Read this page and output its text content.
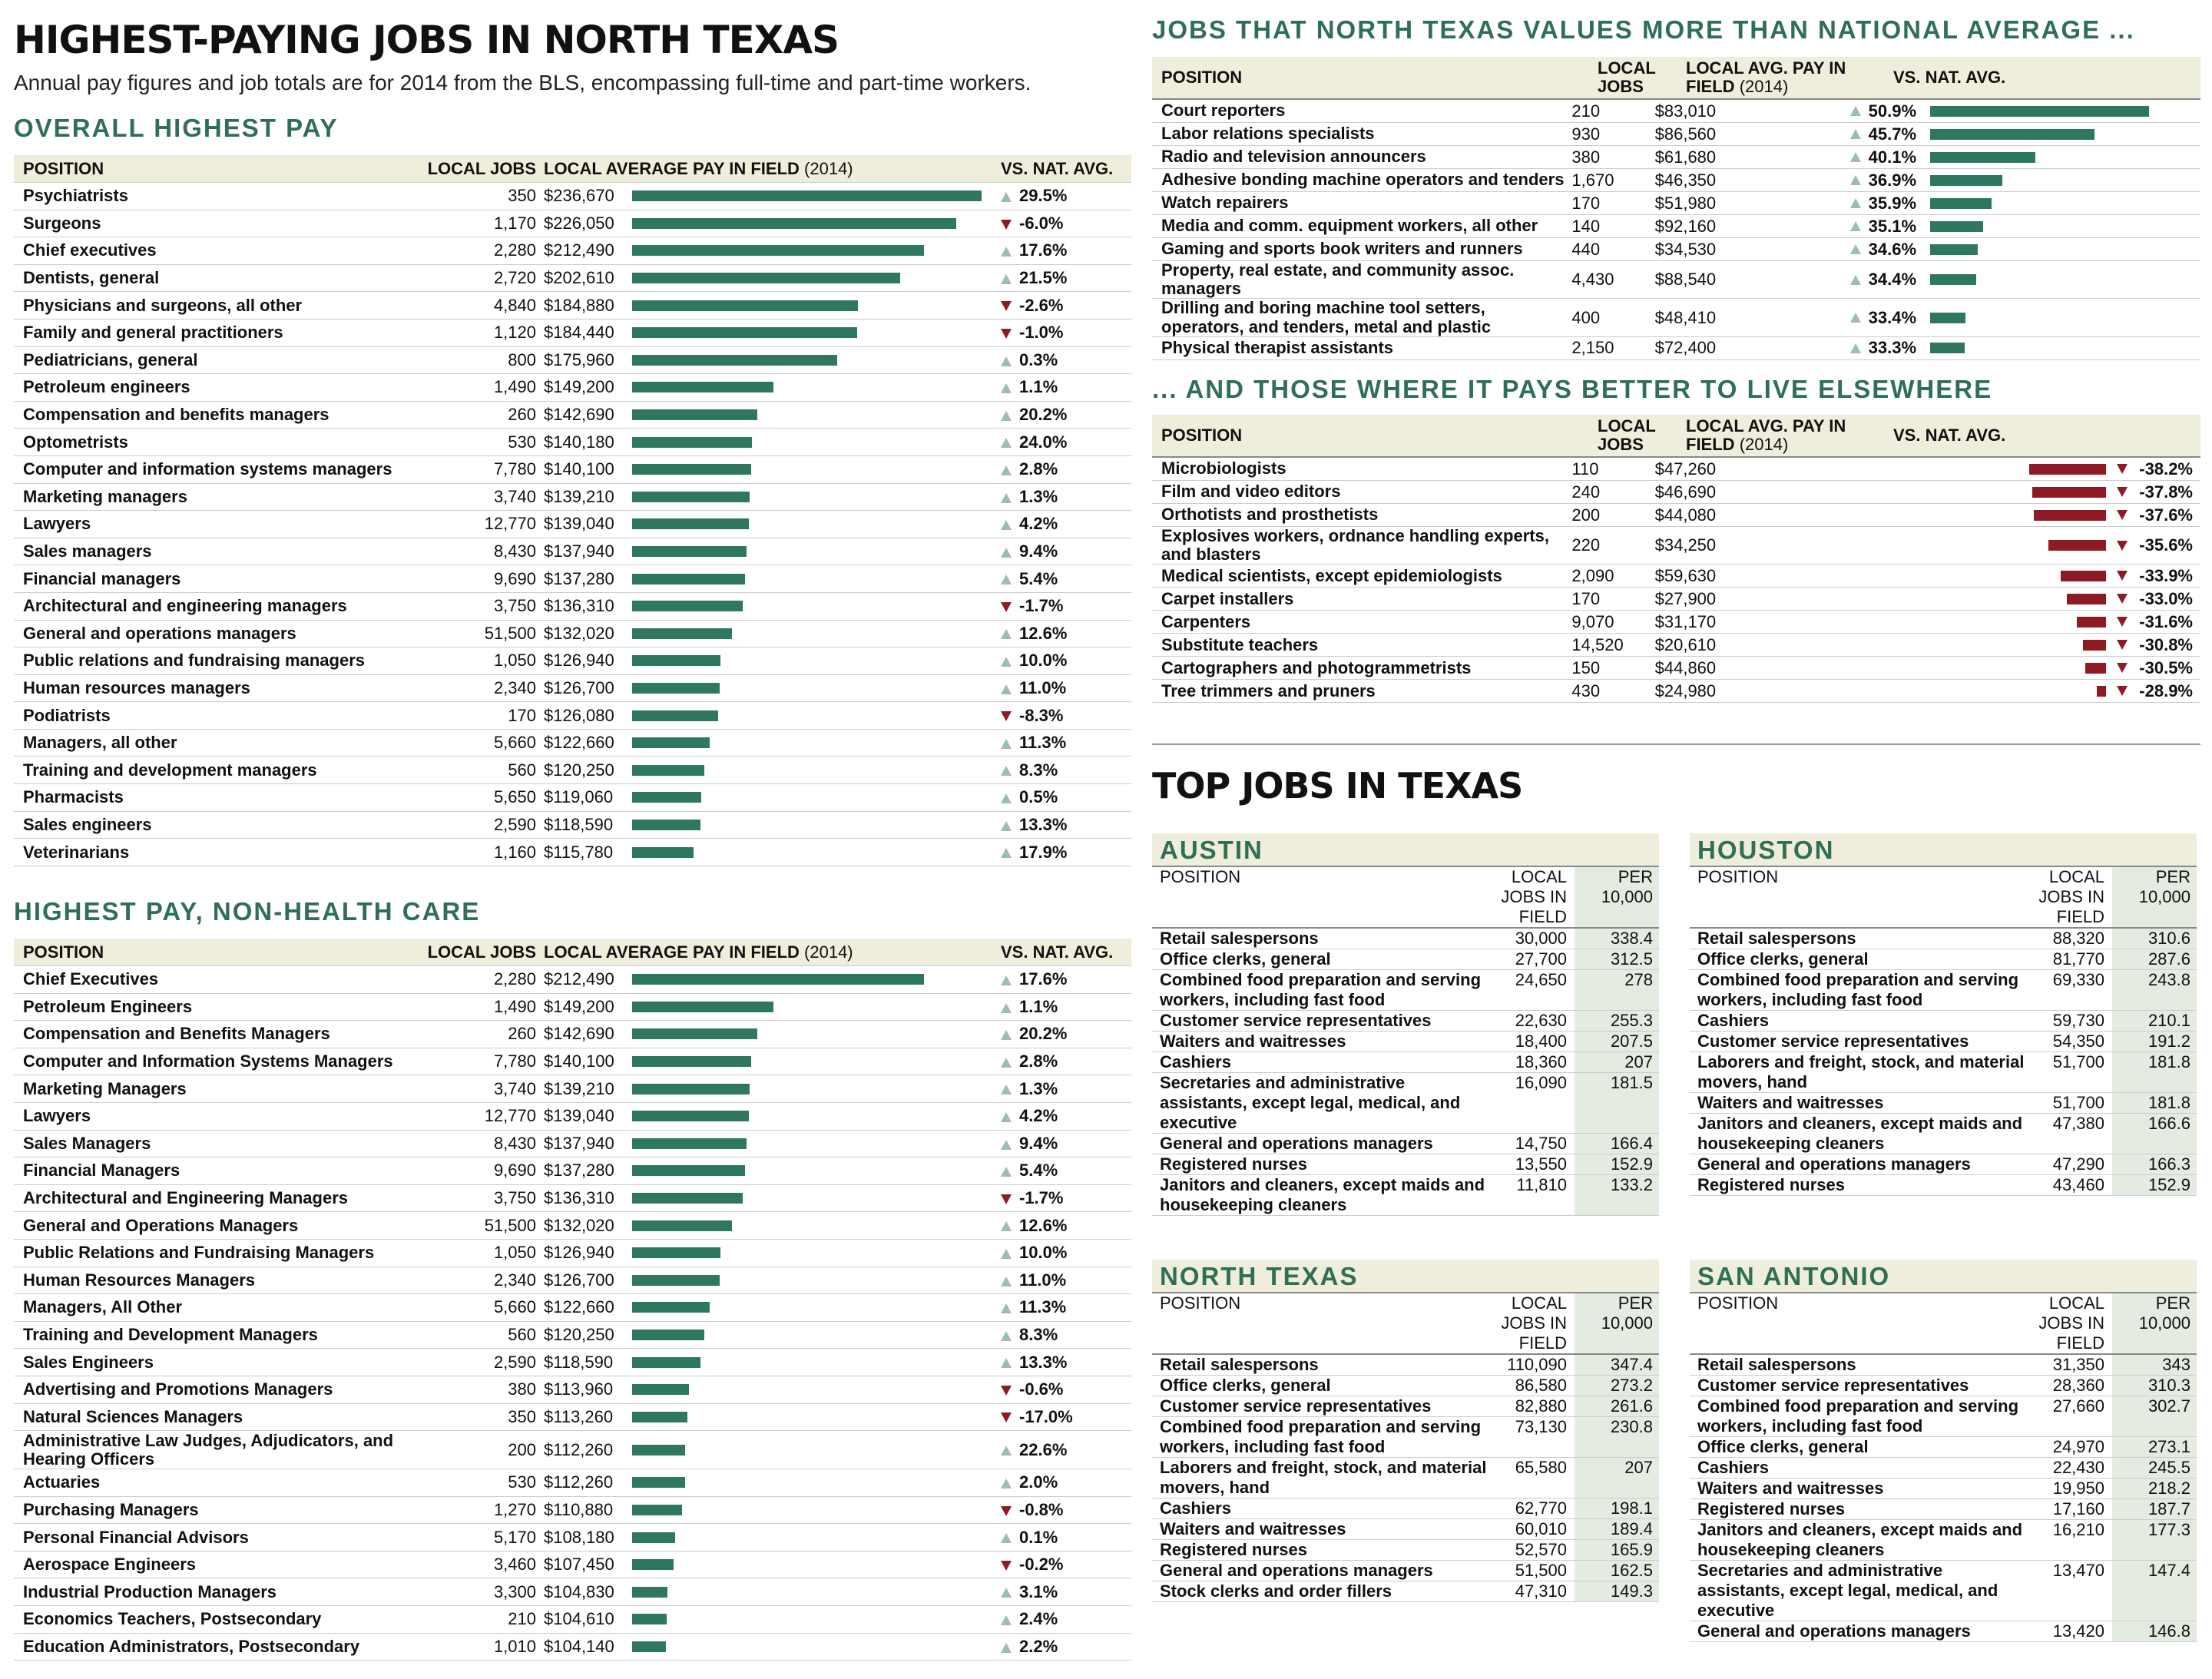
HIGHEST-PAYING JOBS IN NORTH TEXAS
Annual pay figures and job totals are for 2014 from the BLS, encompassing full-time and part-time workers.
OVERALL HIGHEST PAY
POSITION	LOCAL JOBS LOCAL AVERAGE PAY IN FIELD (2014)	VS. NAT. AVG.
Psychiatrists	350 $236,670	29.5%
Surgeons	1,170 $226,050	-6.0%
Chief executives	2,280 $212,490	17.6%
Dentists, general	2,720 $202,610	21.5%
Physicians and surgeons, all other	4,840 $184,880	-2.6%
Family and general practitioners	1,120 $184,440	-1.0%
Pediatricians, general	800 $175,960	0.3%
Petroleum engineers	1,490 $149,200	1.1%
Compensation and benefits managers	260 $142,690	20.2%
Optometrists	530 $140,180	24.0%
Computer and information systems managers	7,780 $140,100	2.8%
Marketing managers	3,740 $139,210	1.3%
Lawyers	12,770 $139,040	4.2%
Sales managers	8,430 $137,940	9.4%
Financial managers	9,690 $137,280	5.4%
Architectural and engineering managers	3,750 $136,310	-1.7%
General and operations managers	51,500 $132,020	12.6%
Public relations and fundraising managers	1,050 $126,940	10.0%
Human resources managers	2,340 $126,700	11.0%
Podiatrists	170 $126,080	-8.3%
Managers, all other	5,660 $122,660	11.3%
Training and development managers	560 $120,250	8.3%
Pharmacists	5,650 $119,060	0.5%
Sales engineers	2,590 $118,590	13.3%
Veterinarians	1,160 $115,780	17.9%
HIGHEST PAY, NON-HEALTH CARE
POSITION	LOCAL JOBS LOCAL AVERAGE PAY IN FIELD (2014)	VS. NAT. AVG.
Chief Executives	2,280 $212,490	17.6%
Petroleum Engineers	1,490 $149,200	1.1%
Compensation and Benefits Managers	260 $142,690	20.2%
Computer and Information Systems Managers	7,780 $140,100	2.8%
Marketing Managers	3,740 $139,210	1.3%
Lawyers	12,770 $139,040	4.2%
Sales Managers	8,430 $137,940	9.4%
Financial Managers	9,690 $137,280	5.4%
Architectural and Engineering Managers	3,750 $136,310	-1.7%
General and Operations Managers	51,500 $132,020	12.6%
Public Relations and Fundraising Managers	1,050 $126,940	10.0%
Human Resources Managers	2,340 $126,700	11.0%
Managers, All Other	5,660 $122,660	11.3%
Training and Development Managers	560 $120,250	8.3%
Sales Engineers	2,590 $118,590	13.3%
Advertising and Promotions Managers	380 $113,960	-0.6%
Natural Sciences Managers	350 $113,260	-17.0%
Administrative Law Judges, Adjudicators, and Hearing Officers	200 $112,260	22.6%
Actuaries	530 $112,260	2.0%
Purchasing Managers	1,270 $110,880	-0.8%
Personal Financial Advisors	5,170 $108,180	0.1%
Aerospace Engineers	3,460 $107,450	-0.2%
Industrial Production Managers	3,300 $104,830	3.1%
Economics Teachers, Postsecondary	210 $104,610	2.4%
Education Administrators, Postsecondary	1,010 $104,140	2.2%
JOBS THAT NORTH TEXAS VALUES MORE THAN NATIONAL AVERAGE ...
POSITION	LOCAL JOBS
LOCAL AVG. PAY IN FIELD (2014)	VS. NAT. AVG.
Court reporters	210	$83,010	50.9%
Labor relations specialists	930	$86,560	45.7%
Radio and television announcers	380	$61,680	40.1%
Adhesive bonding machine operators and tenders 1,670	$46,350	36.9%
Watch repairers	170	$51,980	35.9%
Media and comm. equipment workers, all other	140	$92,160	35.1%
Gaming and sports book writers and runners	440	$34,530	34.6%
Property, real estate, and community assoc. managers	4,430	$88,540	34.4%
Drilling and boring machine tool setters, operators, and tenders, metal and plastic	400	$48,410	33.4%
Physical therapist assistants	2,150	$72,400	33.3%
... AND THOSE WHERE IT PAYS BETTER TO LIVE ELSEWHERE
POSITION	LOCAL JOBS
LOCAL AVG. PAY IN FIELD (2014)	VS. NAT. AVG.
Microbiologists	110	$47,260	-38.2%
Film and video editors	240	$46,690	-37.8%
Orthotists and prosthetists	200	$44,080	-37.6%
Explosives workers, ordnance handling experts, and blasters	220	$34,250	-35.6%
Medical scientists, except epidemiologists	2,090	$59,630	-33.9%
Carpet installers	170	$27,900	-33.0%
Carpenters	9,070	$31,170	-31.6%
Substitute teachers	14,520	$20,610	-30.8%
Cartographers and photogrammetrists	150	$44,860	-30.5%
Tree trimmers and pruners	430	$24,980	-28.9%
TOP JOBS IN TEXAS
AUSTIN
POSITION	LOCAL JOBS IN FIELD
PER 10,000
Retail salespersons	30,000	338.4
Office clerks, general	27,700	312.5
Combined food preparation and serving workers, including fast food
24,650	278
Customer service representatives	22,630	255.3
Waiters and waitresses	18,400	207.5
Cashiers	18,360	207
Secretaries and administrative assistants, except legal, medical, and executive
16,090	181.5
General and operations managers	14,750	166.4
Registered nurses	13,550	152.9
Janitors and cleaners, except maids and housekeeping cleaners
11,810	133.2
HOUSTON
POSITION	LOCAL JOBS IN FIELD
PER 10,000
Retail salespersons	88,320	310.6
Office clerks, general	81,770	287.6
Combined food preparation and serving workers, including fast food
69,330	243.8
Cashiers	59,730	210.1
Customer service representatives	54,350	191.2
Laborers and freight, stock, and material movers, hand
51,700	181.8
Waiters and waitresses	51,700	181.8
Janitors and cleaners, except maids and housekeeping cleaners
47,380	166.6
General and operations managers	47,290	166.3
Registered nurses	43,460	152.9
NORTH TEXAS
POSITION	LOCAL JOBS IN FIELD
PER 10,000
Retail salespersons	110,090	347.4
Office clerks, general	86,580	273.2
Customer service representatives	82,880	261.6
Combined food preparation and serving workers, including fast food
73,130	230.8
Laborers and freight, stock, and material movers, hand
65,580	207
Cashiers	62,770	198.1
Waiters and waitresses	60,010	189.4
Registered nurses	52,570	165.9
General and operations managers	51,500	162.5
Stock clerks and order fillers	47,310	149.3
SAN ANTONIO
POSITION	LOCAL JOBS IN FIELD
PER 10,000
Retail salespersons	31,350	343
Customer service representatives	28,360	310.3
Combined food preparation and serving workers, including fast food
27,660	302.7
Office clerks, general	24,970	273.1
Cashiers	22,430	245.5
Waiters and waitresses	19,950	218.2
Registered nurses	17,160	187.7
Janitors and cleaners, except maids and housekeeping cleaners
16,210	177.3
Secretaries and administrative assistants, except legal, medical, and executive
13,470	147.4
General and operations managers	13,420	146.8
